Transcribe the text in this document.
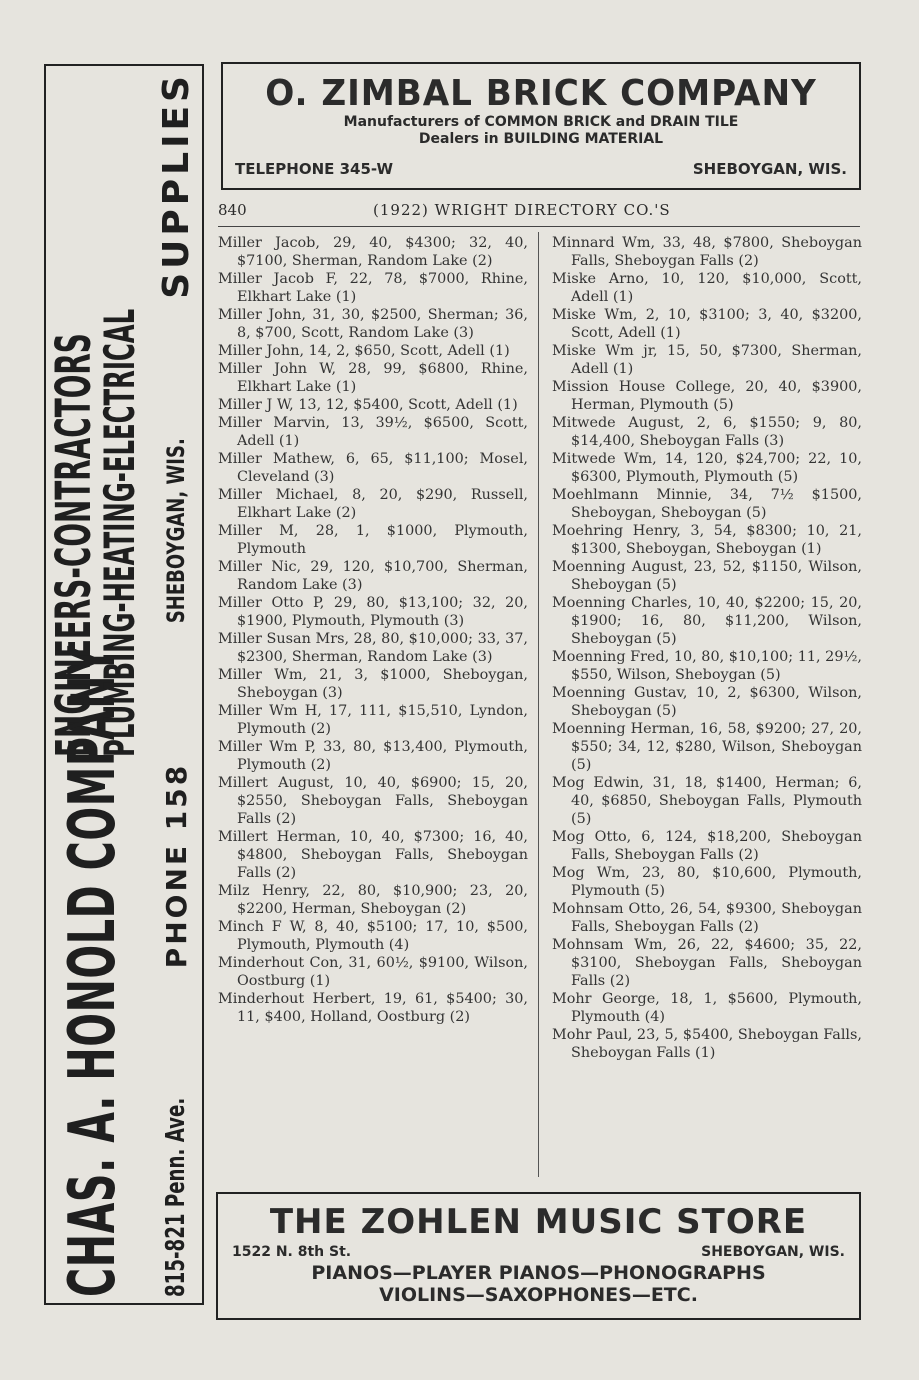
CHAS. A. HONOLD COMPANY
ENGINEERS-CONTRACTORS
PLUMBING-HEATING-ELECTRICAL
815-821 Penn. Ave.
PHONE 158
SHEBOYGAN, WIS.
SUPPLIES	O. ZIMBAL BRICK COMPANY
Manufacturers of COMMON BRICK and DRAIN TILE
Dealers in BUILDING MATERIAL
TELEPHONE 345-W	SHEBOYGAN, WIS.
840	(1922) WRIGHT DIRECTORY CO.'S

Miller Jacob, 29, 40, $4300; 32, 40, $7100, Sherman, Random Lake (2)

Miller Jacob F, 22, 78, $7000, Rhine, Elkhart Lake (1)

Miller John, 31, 30, $2500, Sherman; 36, 8, $700, Scott, Random Lake (3)

Miller John, 14, 2, $650, Scott, Adell (1)

Miller John W, 28, 99, $6800, Rhine, Elkhart Lake (1)

Miller J W, 13, 12, $5400, Scott, Adell (1)

Miller Marvin, 13, 39½, $6500, Scott, Adell (1)

Miller Mathew, 6, 65, $11,100; Mosel, Cleveland (3)

Miller Michael, 8, 20, $290, Russell, Elkhart Lake (2)

Miller M, 28, 1, $1000, Plymouth, Plymouth

Miller Nic, 29, 120, $10,700, Sherman, Random Lake (3)

Miller Otto P, 29, 80, $13,100; 32, 20, $1900, Plymouth, Plymouth (3)

Miller Susan Mrs, 28, 80, $10,000; 33, 37, $2300, Sherman, Random Lake (3)

Miller Wm, 21, 3, $1000, Sheboygan, Sheboygan (3)

Miller Wm H, 17, 111, $15,510, Lyndon, Plymouth (2)

Miller Wm P, 33, 80, $13,400, Plymouth, Plymouth (2)

Millert August, 10, 40, $6900; 15, 20, $2550, Sheboygan Falls, Sheboygan Falls (2)

Millert Herman, 10, 40, $7300; 16, 40, $4800, Sheboygan Falls, Sheboygan Falls (2)

Milz Henry, 22, 80, $10,900; 23, 20, $2200, Herman, Sheboygan (2)

Minch F W, 8, 40, $5100; 17, 10, $500, Plymouth, Plymouth (4)

Minderhout Con, 31, 60½, $9100, Wilson, Oostburg (1)

Minderhout Herbert, 19, 61, $5400; 30, 11, $400, Holland, Oostburg (2)

Minnard Wm, 33, 48, $7800, Sheboygan Falls, Sheboygan Falls (2)

Miske Arno, 10, 120, $10,000, Scott, Adell (1)

Miske Wm, 2, 10, $3100; 3, 40, $3200, Scott, Adell (1)

Miske Wm jr, 15, 50, $7300, Sherman, Adell (1)

Mission House College, 20, 40, $3900, Herman, Plymouth (5)

Mitwede August, 2, 6, $1550; 9, 80, $14,400, Sheboygan Falls (3)

Mitwede Wm, 14, 120, $24,700; 22, 10, $6300, Plymouth, Plymouth (5)

Moehlmann Minnie, 34, 7½ $1500, Sheboygan, Sheboygan (5)

Moehring Henry, 3, 54, $8300; 10, 21, $1300, Sheboygan, Sheboygan (1)

Moenning August, 23, 52, $1150, Wilson, Sheboygan (5)

Moenning Charles, 10, 40, $2200; 15, 20, $1900; 16, 80, $11,200, Wilson, Sheboygan (5)

Moenning Fred, 10, 80, $10,100; 11, 29½, $550, Wilson, Sheboygan (5)

Moenning Gustav, 10, 2, $6300, Wilson, Sheboygan (5)

Moenning Herman, 16, 58, $9200; 27, 20, $550; 34, 12, $280, Wilson, Sheboygan (5)

Mog Edwin, 31, 18, $1400, Herman; 6, 40, $6850, Sheboygan Falls, Plymouth (5)

Mog Otto, 6, 124, $18,200, Sheboygan Falls, Sheboygan Falls (2)

Mog Wm, 23, 80, $10,600, Plymouth, Plymouth (5)

Mohnsam Otto, 26, 54, $9300, Sheboygan Falls, Sheboygan Falls (2)

Mohnsam Wm, 26, 22, $4600; 35, 22, $3100, Sheboygan Falls, Sheboygan Falls (2)

Mohr George, 18, 1, $5600, Plymouth, Plymouth (4)

Mohr Paul, 23, 5, $5400, Sheboygan Falls, Sheboygan Falls (1)

THE ZOHLEN MUSIC STORE
1522 N. 8th St.	SHEBOYGAN, WIS.
PIANOS—PLAYER PIANOS—PHONOGRAPHS
VIOLINS—SAXOPHONES—ETC.
